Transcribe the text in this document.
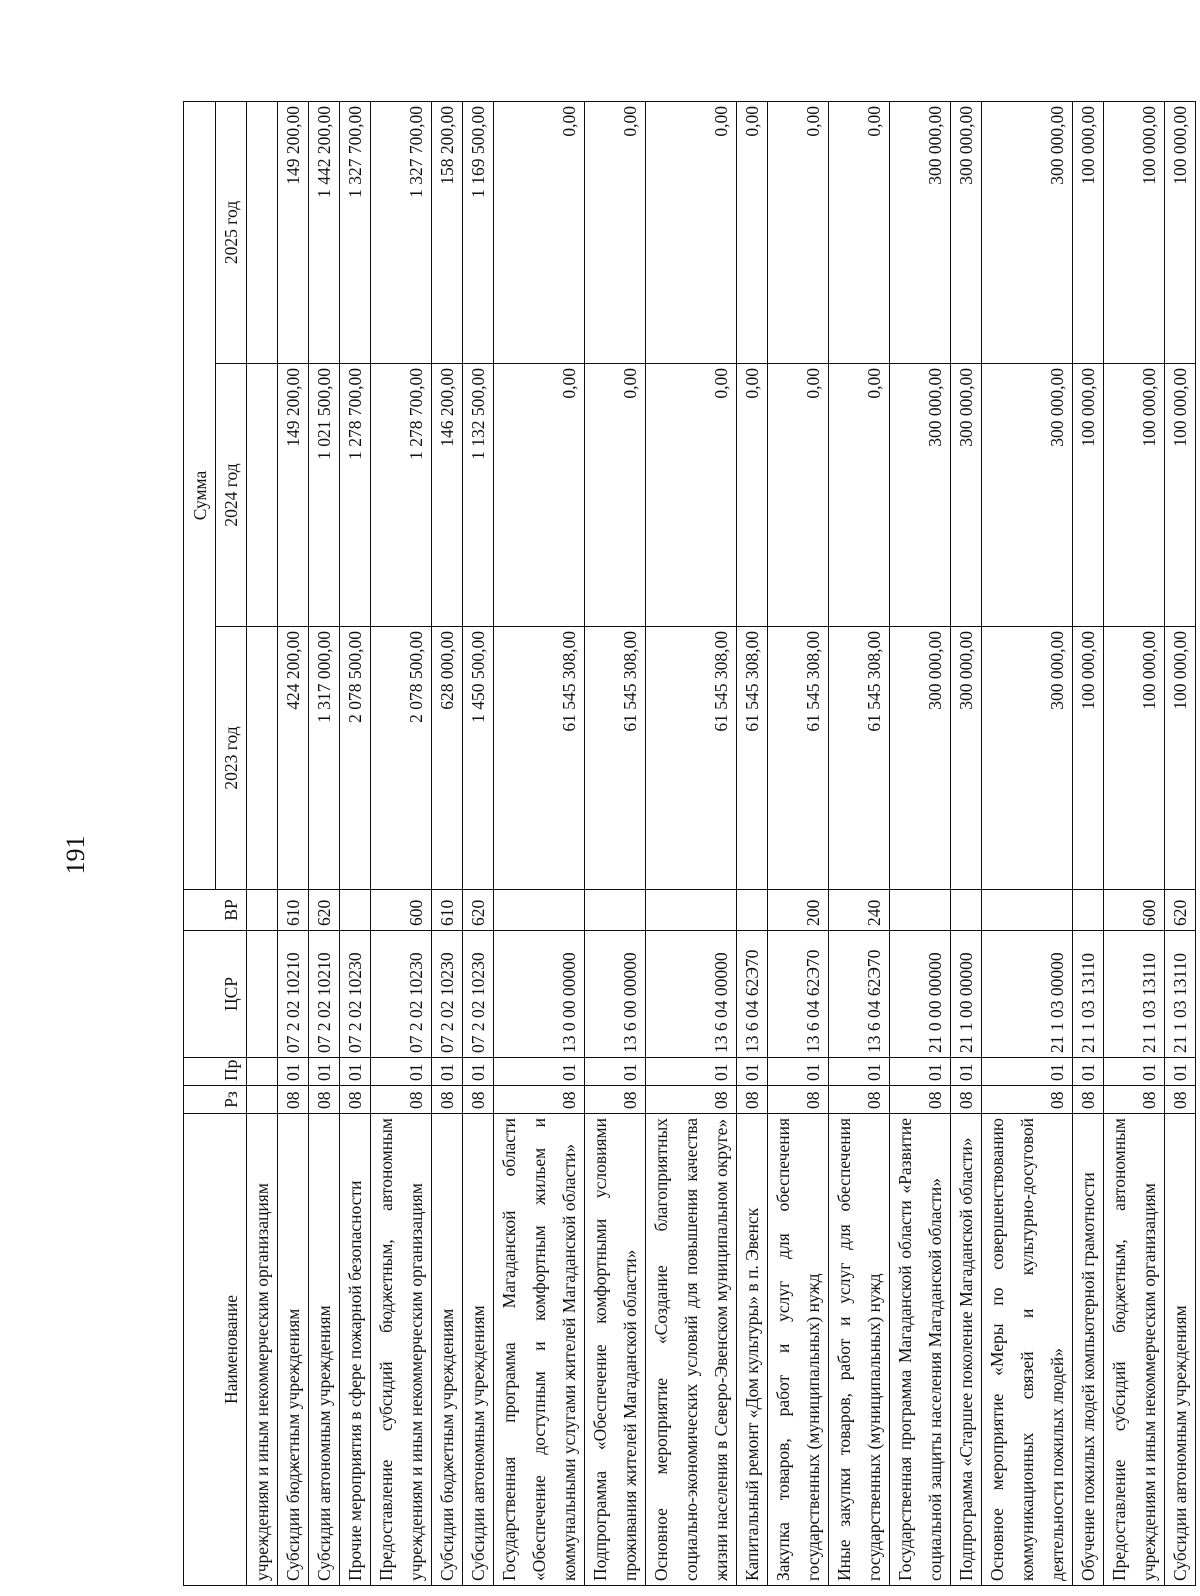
191
Наименование	Рз	Пр	ЦСР	ВР	Сумма		
					2023 год	2024 год	2025 год
учреждениям и иным некоммерческим организациям							
Субсидии бюджетным учреждениям	08	01	07 2 02 10210	610	424 200,00	149 200,00	149 200,00
Субсидии автономным учреждениям	08	01	07 2 02 10210	620	1 317 000,00	1 021 500,00	1 442 200,00
Прочие мероприятия в сфере пожарной безопасности	08	01	07 2 02 10230		2 078 500,00	1 278 700,00	1 327 700,00
Предоставление субсидий бюджетным, автономным учреждениям и иным некоммерческим организациям	08	01	07 2 02 10230	600	2 078 500,00	1 278 700,00	1 327 700,00
Субсидии бюджетным учреждениям	08	01	07 2 02 10230	610	628 000,00	146 200,00	158 200,00
Субсидии автономным учреждениям	08	01	07 2 02 10230	620	1 450 500,00	1 132 500,00	1 169 500,00
Государственная программа Магаданской области «Обеспечение доступным и комфортным жильем и коммунальными услугами жителей Магаданской области»	08	01	13 0 00 00000		61 545 308,00	0,00	0,00
Подпрограмма «Обеспечение комфортными условиями проживания жителей Магаданской области»	08	01	13 6 00 00000		61 545 308,00	0,00	0,00
Основное мероприятие «Создание благоприятных социально-экономических условий для повышения качества жизни населения в Северо-Эвенском муниципальном округе»	08	01	13 6 04 00000		61 545 308,00	0,00	0,00
Капитальный ремонт «Дом культуры» в п. Эвенск	08	01	13 6 04 62Э70		61 545 308,00	0,00	0,00
Закупка товаров, работ и услуг для обеспечения государственных (муниципальных) нужд	08	01	13 6 04 62Э70	200	61 545 308,00	0,00	0,00
Иные закупки товаров, работ и услуг для обеспечения государственных (муниципальных) нужд	08	01	13 6 04 62Э70	240	61 545 308,00	0,00	0,00
Государственная программа Магаданской области «Развитие социальной защиты населения Магаданской области»	08	01	21 0 00 00000		300 000,00	300 000,00	300 000,00
Подпрограмма «Старшее поколение Магаданской области»	08	01	21 1 00 00000		300 000,00	300 000,00	300 000,00
Основное мероприятие «Меры по совершенствованию коммуникационных связей и культурно-досуговой деятельности пожилых людей»	08	01	21 1 03 00000		300 000,00	300 000,00	300 000,00
Обучение пожилых людей компьютерной грамотности	08	01	21 1 03 13110		100 000,00	100 000,00	100 000,00
Предоставление субсидий бюджетным, автономным учреждениям и иным некоммерческим организациям	08	01	21 1 03 13110	600	100 000,00	100 000,00	100 000,00
Субсидии автономным учреждениям	08	01	21 1 03 13110	620	100 000,00	100 000,00	100 000,00
